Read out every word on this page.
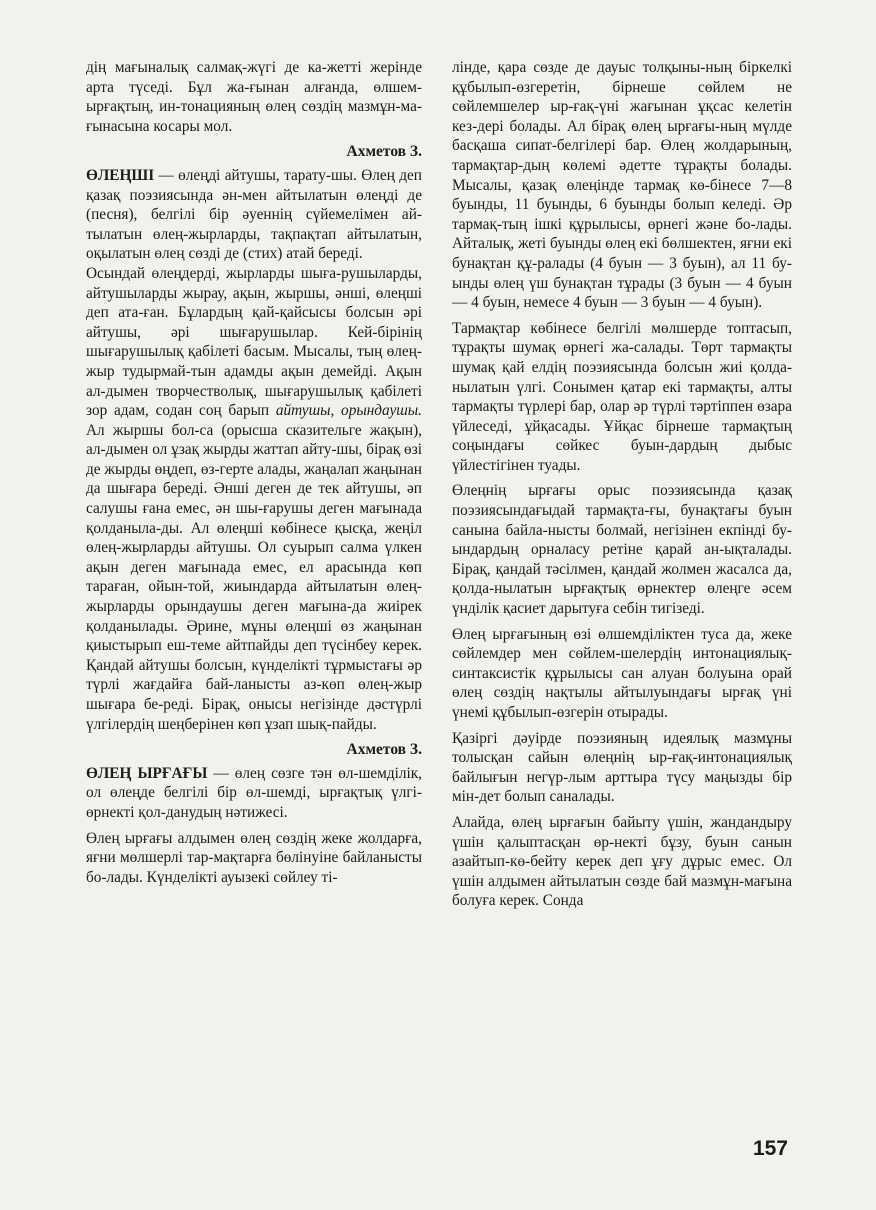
дің мағыналық салмақ-жүгі де ка-жетті жерінде арта түседі. Бұл жа-ғынан алғанда, өлшем-ырғақтың, ин-тонацияның өлең сөздің мазмұн-ма-ғынасына косары мол.

Ахметов З.

ӨЛЕҢШІ — өлеңді айтушы, тарату-шы. Өлең деп қазақ поэзиясында ән-мен айтылатын өлеңді де (песня), белгілі бір әуеннің сүйемелімен ай-тылатын өлең-жырларды, тақпақтап айтылатын, оқылатын өлең сөзді де (стих) атай береді.

Осындай өлеңдерді, жырларды шыға-рушыларды, айтушыларды жырау, ақын, жыршы, әнші, өлеңші деп ата-ған. Бұлардың қай-қайсысы болсын әрі айтушы, әрі шығарушылар. Кей-бірінің шығарушылық қабілеті басым. Мысалы, тың өлең-жыр тудырмай-тын адамды ақын демейді. Ақын ал-дымен творчестволық, шығарушылық қабілеті зор адам, содан соң барып айтушы, орындаушы. Ал жыршы бол-са (орысша сказительге жақын), ал-дымен ол ұзақ жырды жаттап айту-шы, бірақ өзі де жырды өңдеп, өз-герте алады, жаңалап жаңынан да шығара береді. Әнші деген де тек айтушы, әп салушы ғана емес, ән шы-ғарушы деген мағынада қолданыла-ды. Ал өлеңші көбінесе қысқа, жеңіл өлең-жырларды айтушы. Ол суырып салма үлкен ақын деген мағынада емес, ел арасында көп тараған, ойын-той, жиындарда айтылатын өлең-жырларды орындаушы деген мағына-да жиірек қолданылады. Әрине, мұны өлеңші өз жаңынан қиыстырып еш-теме айтпайды деп түсінбеу керек. Қандай айтушы болсын, күнделікті тұрмыстағы әр түрлі жағдайға бай-ланысты аз-көп өлең-жыр шығара бе-реді. Бірақ, оныcы негізінде дәстүрлі үлгілердің шеңберінен көп ұзап шық-пайды.

Ахметов З.

ӨЛЕҢ ЫРҒАҒЫ — өлең сөзге тән өл-шемділік, ол өлеңде белгілі бір өл-шемді, ырғақтық үлгі-өрнекті қол-данудың нәтижесі.

Өлең ырғағы алдымен өлең сөздің жеке жолдарға, яғни мөлшерлі тар-мақтарға бөлінуіне байланысты бо-лады. Күнделікті ауызекі сөйлеу ті-

лінде, қара сөзде де дауыс толқыны-ның біркелкі құбылып-өзгеретін, бірнеше сөйлем не сөйлемшелер ыр-ғақ-үні жағынан ұқсас келетін кез-дері болады. Ал бірақ өлең ырғағы-ның мүлде басқаша сипат-белгілері бар. Өлең жолдарының, тармақтар-дың көлемі әдетте тұрақты болады. Мысалы, қазақ өлеңінде тармақ кө-бінесе 7—8 буынды, 11 буынды, 6 буынды болып келеді. Әр тармақ-тың ішкі құрылысы, өрнегі және бо-лады. Айталық, жеті буынды өлең екі бөлшектен, яғни екі бунақтан құ-ралады (4 буын — 3 буын), ал 11 бу-ынды өлең үш бунақтан тұрады (3 буын — 4 буын — 4 буын, немесе 4 буын — 3 буын — 4 буын).

Тармақтар көбінесе белгілі мөлшерде топтасып, тұрақты шумақ өрнегі жа-салады. Төрт тармақты шумақ қай елдің поэзиясында болсын жиі қолда-нылатын үлгі. Сонымен қатар екі тармақты, алты тармақты түрлері бар, олар әр түрлі тәртіппен өзара үйлеседі, ұйқасады. Ұйқас бірнеше тармақтың соңындағы сөйкес буын-дардың дыбыс үйлестігінен туады.

Өлеңнің ырғағы орыс поэзиясында қазақ поэзиясындағыдай тармақта-ғы, бунақтағы буын санына байла-нысты болмай, негізінен екпінді бу-ындардың орналасу ретіне қарай ан-ықталады. Бірақ, қандай тәсілмен, қандай жолмен жасалса да, қолда-нылатын ырғақтық өрнектер өлеңге әсем үнділік қасиет дарытуға себін тигізеді.

Өлең ырғағының өзі өлшемділіктен туса да, жеке сөйлемдер мен сөйлем-шелердің интонациялық-синтаксистік құрылысы сан алуан болуына орай өлең сөздің нақтылы айтылуындағы ырғақ үні үнемі құбылып-өзгерін отырады.

Қазіргі дәуірде поэзияның идеялық мазмұны толысқан сайын өлеңнің ыр-ғақ-интонациялық байлығын негүр-лым арттыра түсу маңызды бір мін-дет болып саналады.

Алайда, өлең ырғағын байыту үшін, жандандыру үшін қалыптасқан өр-некті бұзу, буын санын азайтып-кө-бейту керек деп ұғу дұрыс емес. Ол үшін алдымен айтылатын сөзде бай мазмұн-мағына болуға керек. Сонда

157
